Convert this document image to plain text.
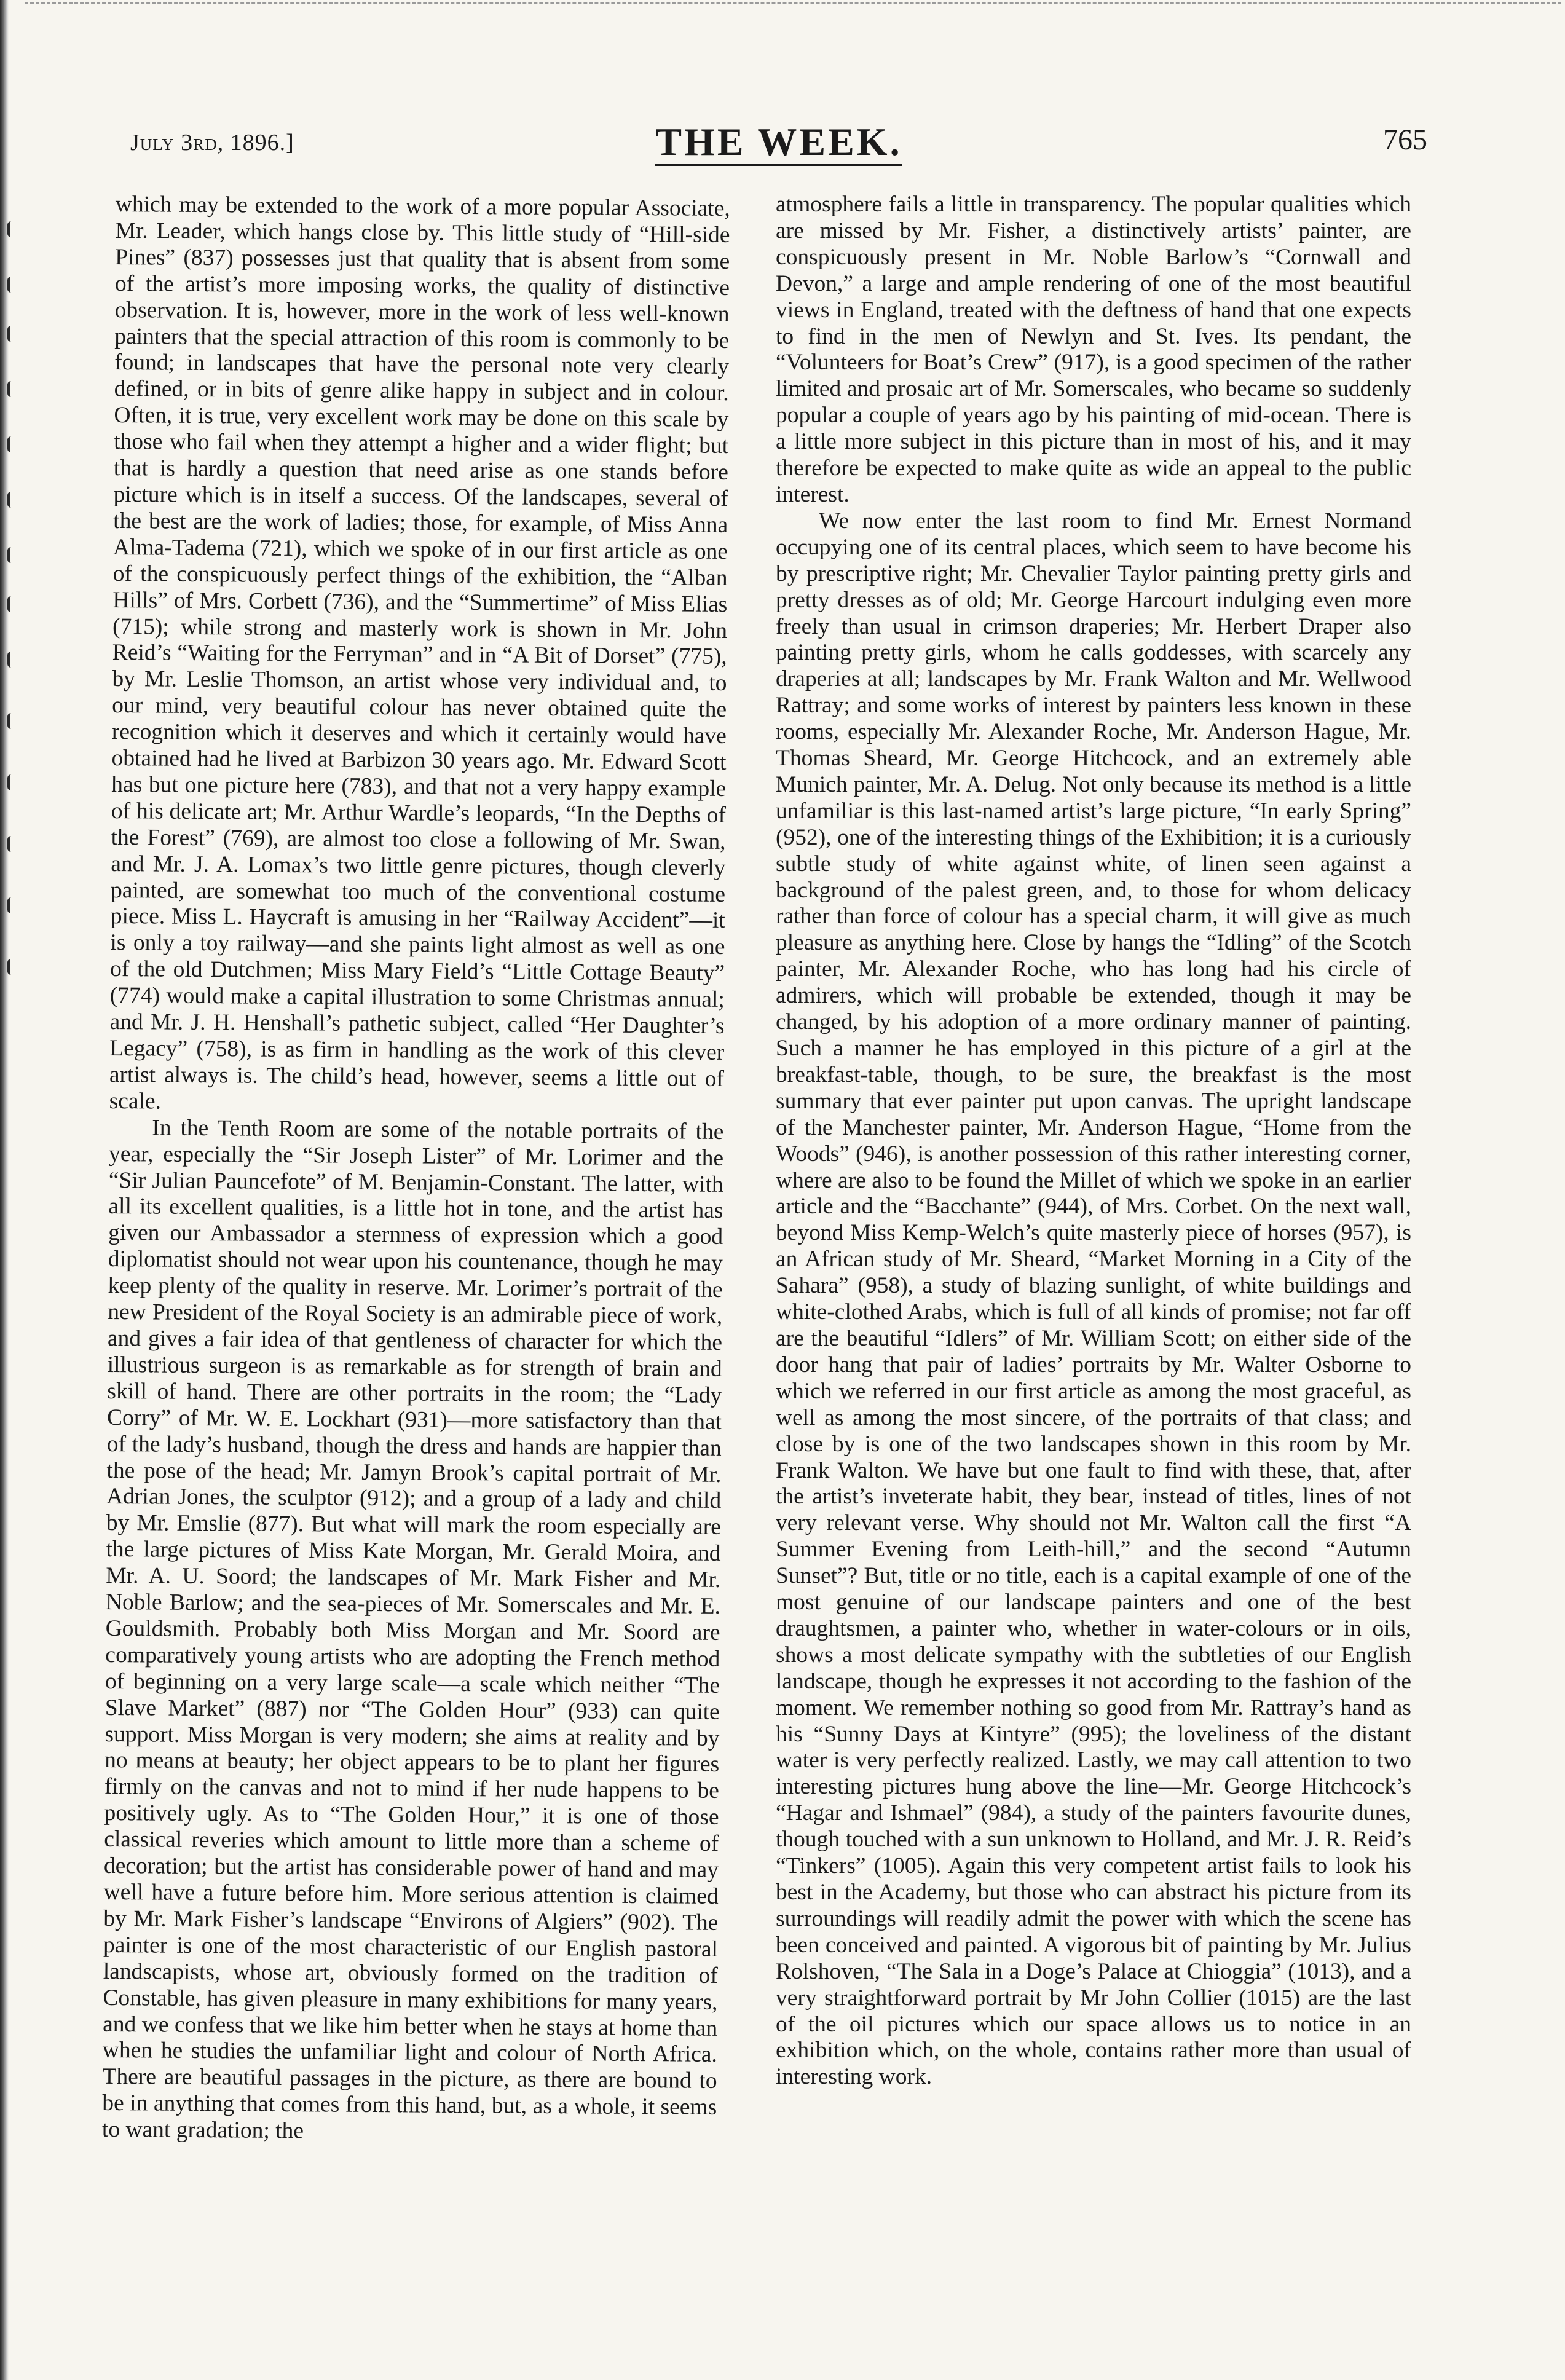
July 3rd, 1896.]	THE WEEK.	765

which may be extended to the work of a more popular Associate, Mr. Leader, which hangs close by. This little study of “Hill-side Pines” (837) possesses just that quality that is absent from some of the artist’s more imposing works, the quality of distinctive observation. It is, however, more in the work of less well-known painters that the special attraction of this room is commonly to be found; in landscapes that have the personal note very clearly defined, or in bits of genre alike happy in subject and in colour. Often, it is true, very excellent work may be done on this scale by those who fail when they attempt a higher and a wider flight; but that is hardly a question that need arise as one stands before picture which is in itself a success. Of the landscapes, several of the best are the work of ladies; those, for example, of Miss Anna Alma-Tadema (721), which we spoke of in our first article as one of the conspicuously perfect things of the exhibition, the “Alban Hills” of Mrs. Corbett (736), and the “Summertime” of Miss Elias (715); while strong and masterly work is shown in Mr. John Reid’s “Waiting for the Ferryman” and in “A Bit of Dorset” (775), by Mr. Leslie Thomson, an artist whose very individual and, to our mind, very beautiful colour has never obtained quite the recognition which it deserves and which it certainly would have obtained had he lived at Barbizon 30 years ago. Mr. Edward Scott has but one picture here (783), and that not a very happy example of his delicate art; Mr. Arthur Wardle’s leopards, “In the Depths of the Forest” (769), are almost too close a following of Mr. Swan, and Mr. J. A. Lomax’s two little genre pictures, though cleverly painted, are somewhat too much of the conventional costume piece. Miss L. Haycraft is amusing in her “Railway Accident”—it is only a toy railway—and she paints light almost as well as one of the old Dutchmen; Miss Mary Field’s “Little Cottage Beauty” (774) would make a capital illustration to some Christmas annual; and Mr. J. H. Henshall’s pathetic subject, called “Her Daughter’s Legacy” (758), is as firm in handling as the work of this clever artist always is. The child’s head, however, seems a little out of scale.

In the Tenth Room are some of the notable portraits of the year, especially the “Sir Joseph Lister” of Mr. Lorimer and the “Sir Julian Pauncefote” of M. Benjamin-Constant. The latter, with all its excellent qualities, is a little hot in tone, and the artist has given our Ambassador a sternness of expression which a good diplomatist should not wear upon his countenance, though he may keep plenty of the quality in reserve. Mr. Lorimer’s portrait of the new President of the Royal Society is an admirable piece of work, and gives a fair idea of that gentleness of character for which the illustrious surgeon is as remarkable as for strength of brain and skill of hand. There are other portraits in the room; the “Lady Corry” of Mr. W. E. Lockhart (931)—more satisfactory than that of the lady’s husband, though the dress and hands are happier than the pose of the head; Mr. Jamyn Brook’s capital portrait of Mr. Adrian Jones, the sculptor (912); and a group of a lady and child by Mr. Emslie (877). But what will mark the room especially are the large pictures of Miss Kate Morgan, Mr. Gerald Moira, and Mr. A. U. Soord; the landscapes of Mr. Mark Fisher and Mr. Noble Barlow; and the sea-pieces of Mr. Somerscales and Mr. E. Gouldsmith. Probably both Miss Morgan and Mr. Soord are comparatively young artists who are adopting the French method of beginning on a very large scale—a scale which neither “The Slave Market” (887) nor “The Golden Hour” (933) can quite support. Miss Morgan is very modern; she aims at reality and by no means at beauty; her object appears to be to plant her figures firmly on the canvas and not to mind if her nude happens to be positively ugly. As to “The Golden Hour,” it is one of those classical reveries which amount to little more than a scheme of decoration; but the artist has considerable power of hand and may well have a future before him. More serious attention is claimed by Mr. Mark Fisher’s landscape “Environs of Algiers” (902). The painter is one of the most characteristic of our English pastoral landscapists, whose art, obviously formed on the tradition of Constable, has given pleasure in many exhibitions for many years, and we confess that we like him better when he stays at home than when he studies the unfamiliar light and colour of North Africa. There are beautiful passages in the picture, as there are bound to be in anything that comes from this hand, but, as a whole, it seems to want gradation; the

atmosphere fails a little in transparency. The popular qualities which are missed by Mr. Fisher, a distinctively artists’ painter, are conspicuously present in Mr. Noble Barlow’s “Cornwall and Devon,” a large and ample rendering of one of the most beautiful views in England, treated with the deftness of hand that one expects to find in the men of Newlyn and St. Ives. Its pendant, the “Volunteers for Boat’s Crew” (917), is a good specimen of the rather limited and prosaic art of Mr. Somerscales, who became so suddenly popular a couple of years ago by his painting of mid-ocean. There is a little more subject in this picture than in most of his, and it may therefore be expected to make quite as wide an appeal to the public interest.

We now enter the last room to find Mr. Ernest Normand occupying one of its central places, which seem to have become his by prescriptive right; Mr. Chevalier Taylor painting pretty girls and pretty dresses as of old; Mr. George Harcourt indulging even more freely than usual in crimson draperies; Mr. Herbert Draper also painting pretty girls, whom he calls goddesses, with scarcely any draperies at all; landscapes by Mr. Frank Walton and Mr. Wellwood Rattray; and some works of interest by painters less known in these rooms, especially Mr. Alexander Roche, Mr. Anderson Hague, Mr. Thomas Sheard, Mr. George Hitchcock, and an extremely able Munich painter, Mr. A. Delug. Not only because its method is a little unfamiliar is this last-named artist’s large picture, “In early Spring” (952), one of the interesting things of the Exhibition; it is a curiously subtle study of white against white, of linen seen against a background of the palest green, and, to those for whom delicacy rather than force of colour has a special charm, it will give as much pleasure as anything here. Close by hangs the “Idling” of the Scotch painter, Mr. Alexander Roche, who has long had his circle of admirers, which will probable be extended, though it may be changed, by his adoption of a more ordinary manner of painting. Such a manner he has employed in this picture of a girl at the breakfast-table, though, to be sure, the breakfast is the most summary that ever painter put upon canvas. The upright landscape of the Manchester painter, Mr. Anderson Hague, “Home from the Woods” (946), is another possession of this rather interesting corner, where are also to be found the Millet of which we spoke in an earlier article and the “Bacchante” (944), of Mrs. Corbet. On the next wall, beyond Miss Kemp-Welch’s quite masterly piece of horses (957), is an African study of Mr. Sheard, “Market Morning in a City of the Sahara” (958), a study of blazing sunlight, of white buildings and white-clothed Arabs, which is full of all kinds of promise; not far off are the beautiful “Idlers” of Mr. William Scott; on either side of the door hang that pair of ladies’ portraits by Mr. Walter Osborne to which we referred in our first article as among the most graceful, as well as among the most sincere, of the portraits of that class; and close by is one of the two landscapes shown in this room by Mr. Frank Walton. We have but one fault to find with these, that, after the artist’s inveterate habit, they bear, instead of titles, lines of not very relevant verse. Why should not Mr. Walton call the first “A Summer Evening from Leith-hill,” and the second “Autumn Sunset”? But, title or no title, each is a capital example of one of the most genuine of our landscape painters and one of the best draughtsmen, a painter who, whether in water-colours or in oils, shows a most delicate sympathy with the subtleties of our English landscape, though he expresses it not according to the fashion of the moment. We remember nothing so good from Mr. Rattray’s hand as his “Sunny Days at Kintyre” (995); the loveliness of the distant water is very perfectly realized. Lastly, we may call attention to two interesting pictures hung above the line—Mr. George Hitchcock’s “Hagar and Ishmael” (984), a study of the painters favourite dunes, though touched with a sun unknown to Holland, and Mr. J. R. Reid’s “Tinkers” (1005). Again this very competent artist fails to look his best in the Academy, but those who can abstract his picture from its surroundings will readily admit the power with which the scene has been conceived and painted. A vigorous bit of painting by Mr. Julius Rolshoven, “The Sala in a Doge’s Palace at Chioggia” (1013), and a very straightforward portrait by Mr John Collier (1015) are the last of the oil pictures which our space allows us to notice in an exhibition which, on the whole, contains rather more than usual of interesting work.
